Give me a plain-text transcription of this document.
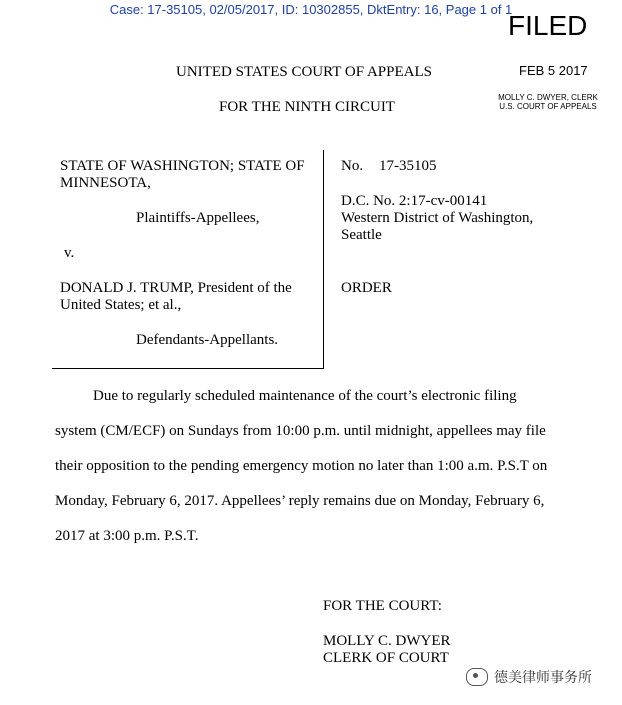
Case: 17-35105, 02/05/2017, ID: 10302855, DktEntry: 16, Page 1 of 1
FILED
FEB 5 2017
MOLLY C. DWYER, CLERK
U.S. COURT OF APPEALS
UNITED STATES COURT OF APPEALS
FOR THE NINTH CIRCUIT
STATE OF WASHINGTON; STATE OF
MINNESOTA,
Plaintiffs-Appellees,
v.
DONALD J. TRUMP, President of the
United States; et al.,
Defendants-Appellants.
No. 17-35105
D.C. No. 2:17-cv-00141
Western District of Washington,
Seattle
ORDER
Due to regularly scheduled maintenance of the court’s electronic filing
system (CM/ECF) on Sundays from 10:00 p.m. until midnight, appellees may file
their opposition to the pending emergency motion no later than 1:00 a.m. P.S.T on
Monday, February 6, 2017. Appellees’ reply remains due on Monday, February 6,
2017 at 3:00 p.m. P.S.T.
FOR THE COURT:
MOLLY C. DWYER
CLERK OF COURT
德美律师事务所
